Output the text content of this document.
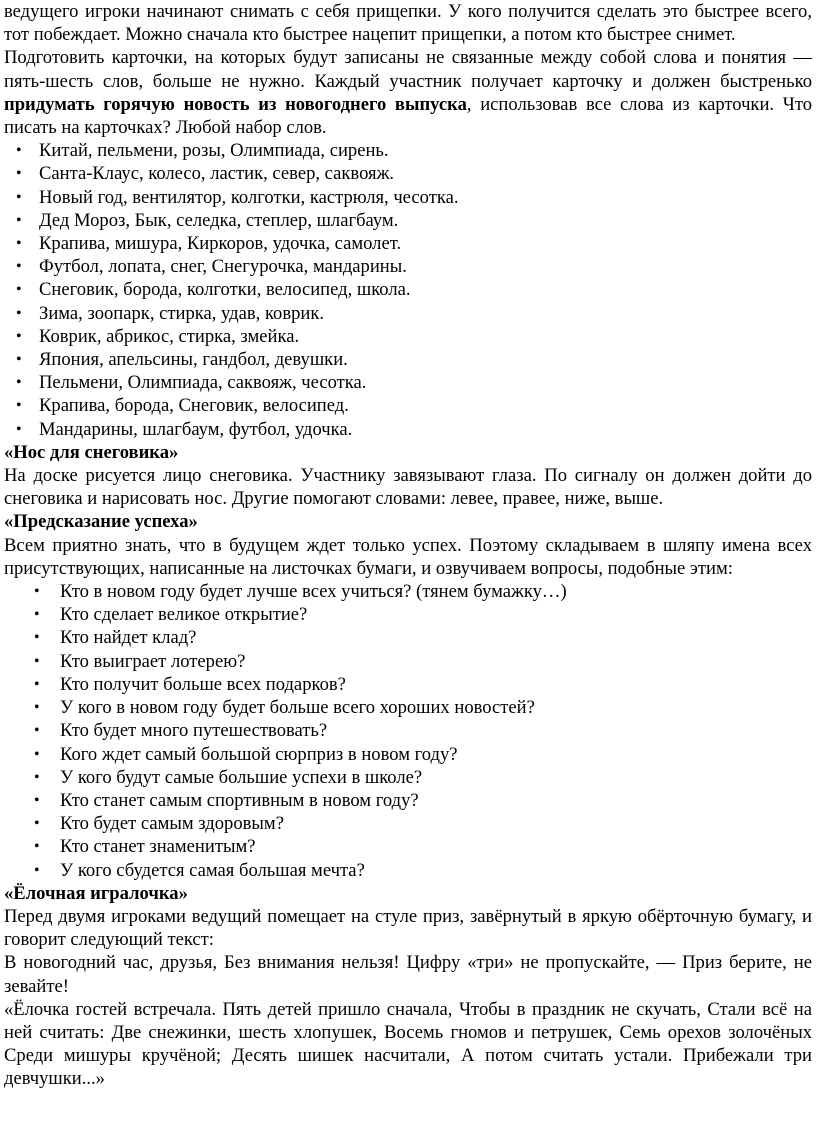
ведущего игроки начинают снимать с себя прищепки. У кого получится сделать это быстрее всего, тот побеждает. Можно сначала кто быстрее нацепит прищепки, а потом кто быстрее снимет.

Подготовить карточки, на которых будут записаны не связанные между собой слова и понятия — пять-шесть слов, больше не нужно. Каждый участник получает карточку и должен быстренько придумать горячую новость из новогоднего выпуска, использовав все слова из карточки. Что писать на карточках? Любой набор слов.

• Китай, пельмени, розы, Олимпиада, сирень.
• Санта-Клаус, колесо, ластик, север, саквояж.
• Новый год, вентилятор, колготки, кастрюля, чесотка.
• Дед Мороз, Бык, селедка, степлер, шлагбаум.
• Крапива, мишура, Киркоров, удочка, самолет.
• Футбол, лопата, снег, Снегурочка, мандарины.
• Снеговик, борода, колготки, велосипед, школа.
• Зима, зоопарк, стирка, удав, коврик.
• Коврик, абрикос, стирка, змейка.
• Япония, апельсины, гандбол, девушки.
• Пельмени, Олимпиада, саквояж, чесотка.
• Крапива, борода, Снеговик, велосипед.
• Мандарины, шлагбаум, футбол, удочка.

«Нос для снеговика»

На доске рисуется лицо снеговика. Участнику завязывают глаза. По сигналу он должен дойти до снеговика и нарисовать нос. Другие помогают словами: левее, правее, ниже, выше.

«Предсказание успеха»

Всем приятно знать, что в будущем ждет только успех. Поэтому складываем в шляпу имена всех присутствующих, написанные на листочках бумаги, и озвучиваем вопросы, подобные этим:

• Кто в новом году будет лучше всех учиться? (тянем бумажку…)
• Кто сделает великое открытие?
• Кто найдет клад?
• Кто выиграет лотерею?
• Кто получит больше всех подарков?
• У кого в новом году будет больше всего хороших новостей?
• Кто будет много путешествовать?
• Кого ждет самый большой сюрприз в новом году?
• У кого будут самые большие успехи в школе?
• Кто станет самым спортивным в новом году?
• Кто будет самым здоровым?
• Кто станет знаменитым?
• У кого сбудется самая большая мечта?

«Ёлочная игралочка»

Перед двумя игроками ведущий помещает на стуле приз, завёрнутый в яркую обёрточную бумагу, и говорит следующий текст:

В новогодний час, друзья, Без внимания нельзя! Цифру «три» не пропускайте, — Приз берите, не зевайте!

«Ёлочка гостей встречала. Пять детей пришло сначала, Чтобы в праздник не скучать, Стали всё на ней считать: Две снежинки, шесть хлопушек, Восемь гномов и петрушек, Семь орехов золочёных Среди мишуры кручёной; Десять шишек насчитали, А потом считать устали. Прибежали три девчушки...»
